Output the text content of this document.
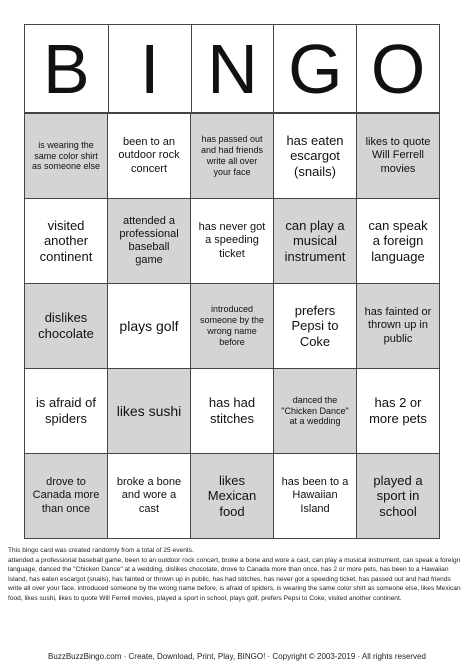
B I N G O
is wearing the same color shirt as someone else
been to an outdoor rock concert
has passed out and had friends write all over your face
has eaten escargot (snails)
likes to quote Will Ferrell movies
visited another continent
attended a professional baseball game
has never got a speeding ticket
can play a musical instrument
can speak a foreign language
dislikes chocolate	plays golf
introduced someone by the wrong name before
prefers Pepsi to Coke
has fainted or thrown up in public
is afraid of spiders	likes sushi	has had stitches
danced the "Chicken Dance" at a wedding
has 2 or more pets
drove to Canada more than once
broke a bone and wore a cast
likes Mexican food
has been to a Hawaiian Island
played a sport in school

This bingo card was created randomly from a total of 25 events.

attended a professional baseball game, been to an outdoor rock concert, broke a bone and wore a cast, can play a musical instrument, can speak a foreign language, danced the "Chicken Dance" at a wedding, dislikes chocolate, drove to Canada more than once, has 2 or more pets, has been to a Hawaiian Island, has eaten escargot (snails), has fainted or thrown up in public, has had stitches, has never got a speeding ticket, has passed out and had friends write all over your face, introduced someone by the wrong name before, is afraid of spiders, is wearing the same color shirt as someone else, likes Mexican food, likes sushi, likes to quote Will Ferrell movies, played a sport in school, plays golf, prefers Pepsi to Coke, visited another continent.

BuzzBuzzBingo.com · Create, Download, Print, Play, BINGO! · Copyright © 2003-2019 · All rights reserved
